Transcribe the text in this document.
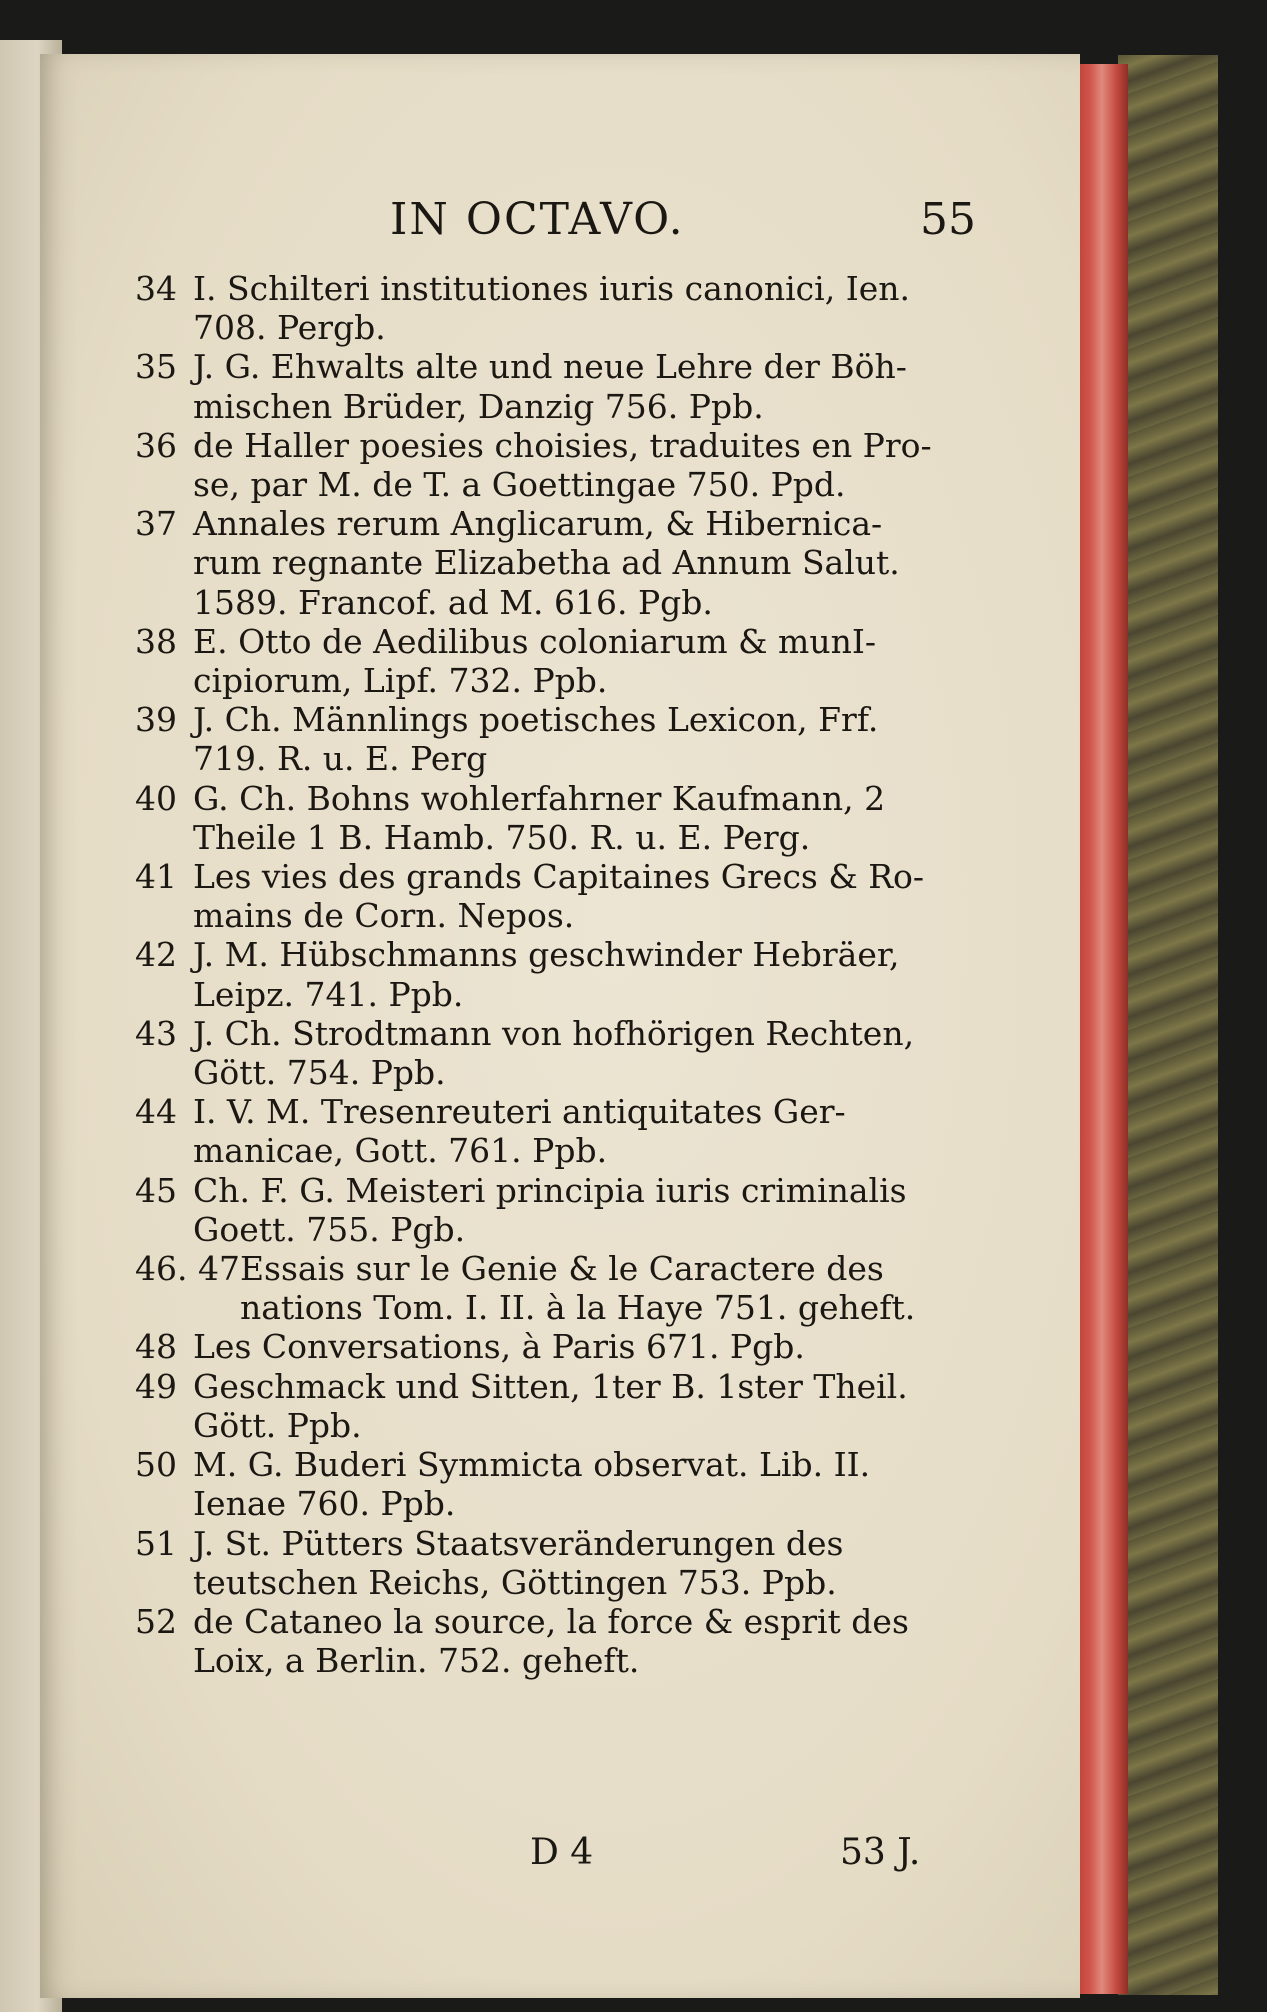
IN OCTAVO.	55
34 I. Schilteri institutiones iuris canonici, Ien.
708. Pergb.
35 J. G. Ehwalts alte und neue Lehre der Böh-
mischen Brüder, Danzig 756. Ppb.
36 de Haller poesies choisies, traduites en Pro-
se, par M. de T. a Goettingae 750. Ppd.
37 Annales rerum Anglicarum, & Hibernica-
rum regnante Elizabetha ad Annum Salut.
1589. Francof. ad M. 616. Pgb.
38 E. Otto de Aedilibus coloniarum & munI-
cipiorum, Lipf. 732. Ppb.
39 J. Ch. Männlings poetisches Lexicon, Frf.
719. R. u. E. Perg
40 G. Ch. Bohns wohlerfahrner Kaufmann, 2
Theile 1 B. Hamb. 750. R. u. E. Perg.
41 Les vies des grands Capitaines Grecs & Ro-
mains de Corn. Nepos.
42 J. M. Hübschmanns geschwinder Hebräer,
Leipz. 741. Ppb.
43 J. Ch. Strodtmann von hofhörigen Rechten,
Gött. 754. Ppb.
44 I. V. M. Tresenreuteri antiquitates Ger-
manicae, Gott. 761. Ppb.
45 Ch. F. G. Meisteri principia iuris criminalis
Goett. 755. Pgb.
46. 47 Essais sur le Genie & le Caractere des
nations Tom. I. II. à la Haye 751. geheft.
48 Les Conversations, à Paris 671. Pgb.
49 Geschmack und Sitten, 1ter B. 1ster Theil.
Gött. Ppb.
50 M. G. Buderi Symmicta observat. Lib. II.
Ienae 760. Ppb.
51 J. St. Pütters Staatsveränderungen des
teutschen Reichs, Göttingen 753. Ppb.
52 de Cataneo la source, la force & esprit des
Loix, a Berlin. 752. geheft.
D 4	53 J.
